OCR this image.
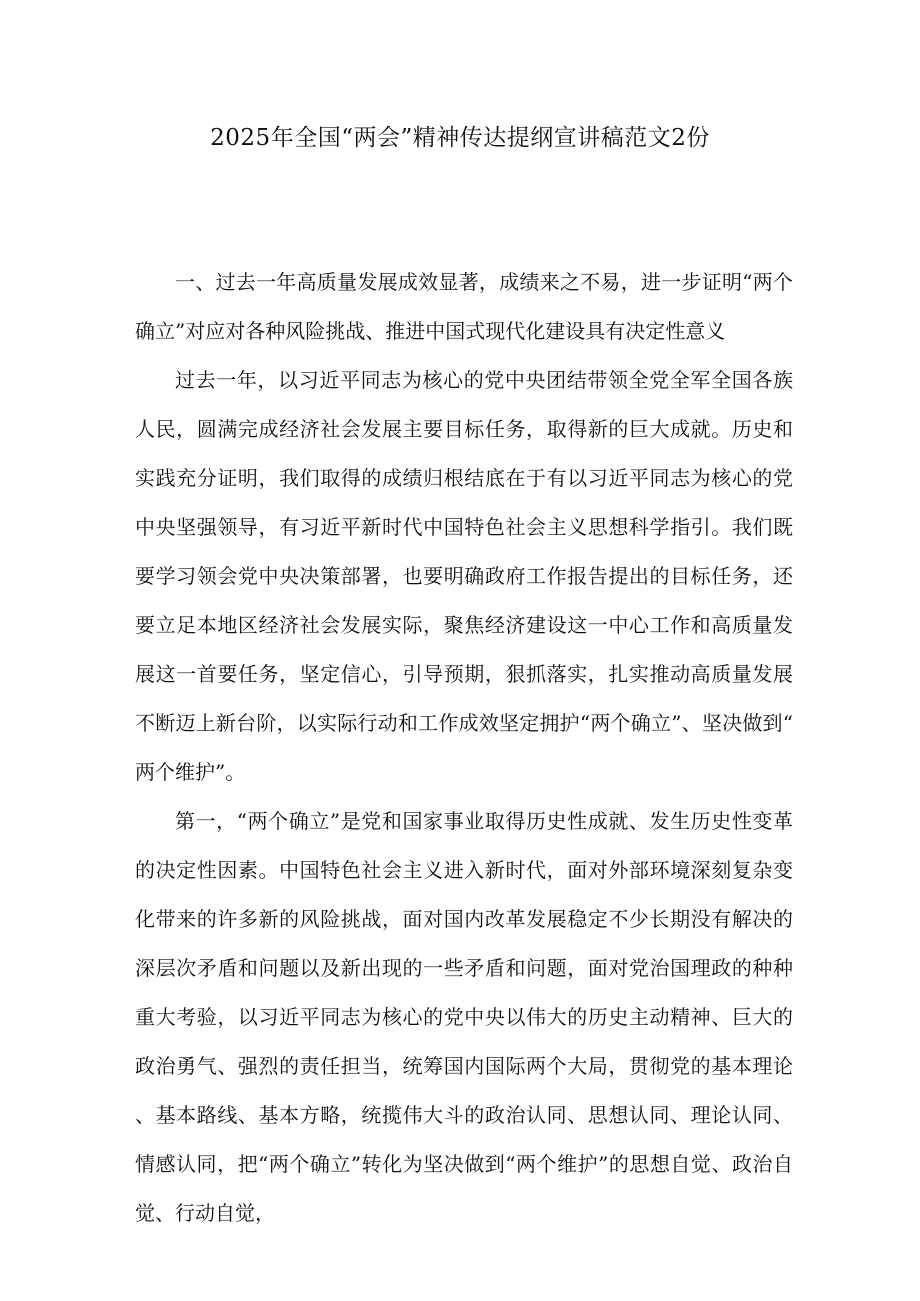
2025年全国“两会”精神传达提纲宣讲稿范文2份

一、过去一年高质量发展成效显著，成绩来之不易，进一步证明“两个确立”对应对各种风险挑战、推进中国式现代化建设具有决定性意义

过去一年，以习近平同志为核心的党中央团结带领全党全军全国各族人民，圆满完成经济社会发展主要目标任务，取得新的巨大成就。历史和实践充分证明，我们取得的成绩归根结底在于有以习近平同志为核心的党中央坚强领导，有习近平新时代中国特色社会主义思想科学指引。我们既要学习领会党中央决策部署，也要明确政府工作报告提出的目标任务，还要立足本地区经济社会发展实际，聚焦经济建设这一中心工作和高质量发展这一首要任务，坚定信心，引导预期，狠抓落实，扎实推动高质量发展不断迈上新台阶，以实际行动和工作成效坚定拥护“两个确立”、坚决做到“两个维护”。

第一，“两个确立”是党和国家事业取得历史性成就、发生历史性变革的决定性因素。中国特色社会主义进入新时代，面对外部环境深刻复杂变化带来的许多新的风险挑战，面对国内改革发展稳定不少长期没有解决的深层次矛盾和问题以及新出现的一些矛盾和问题，面对党治国理政的种种重大考验，以习近平同志为核心的党中央以伟大的历史主动精神、巨大的政治勇气、强烈的责任担当，统筹国内国际两个大局，贯彻党的基本理论、基本路线、基本方略，统揽伟大斗的政治认同、思想认同、理论认同、情感认同，把“两个确立”转化为坚决做到“两个维护”的思想自觉、政治自觉、行动自觉，
